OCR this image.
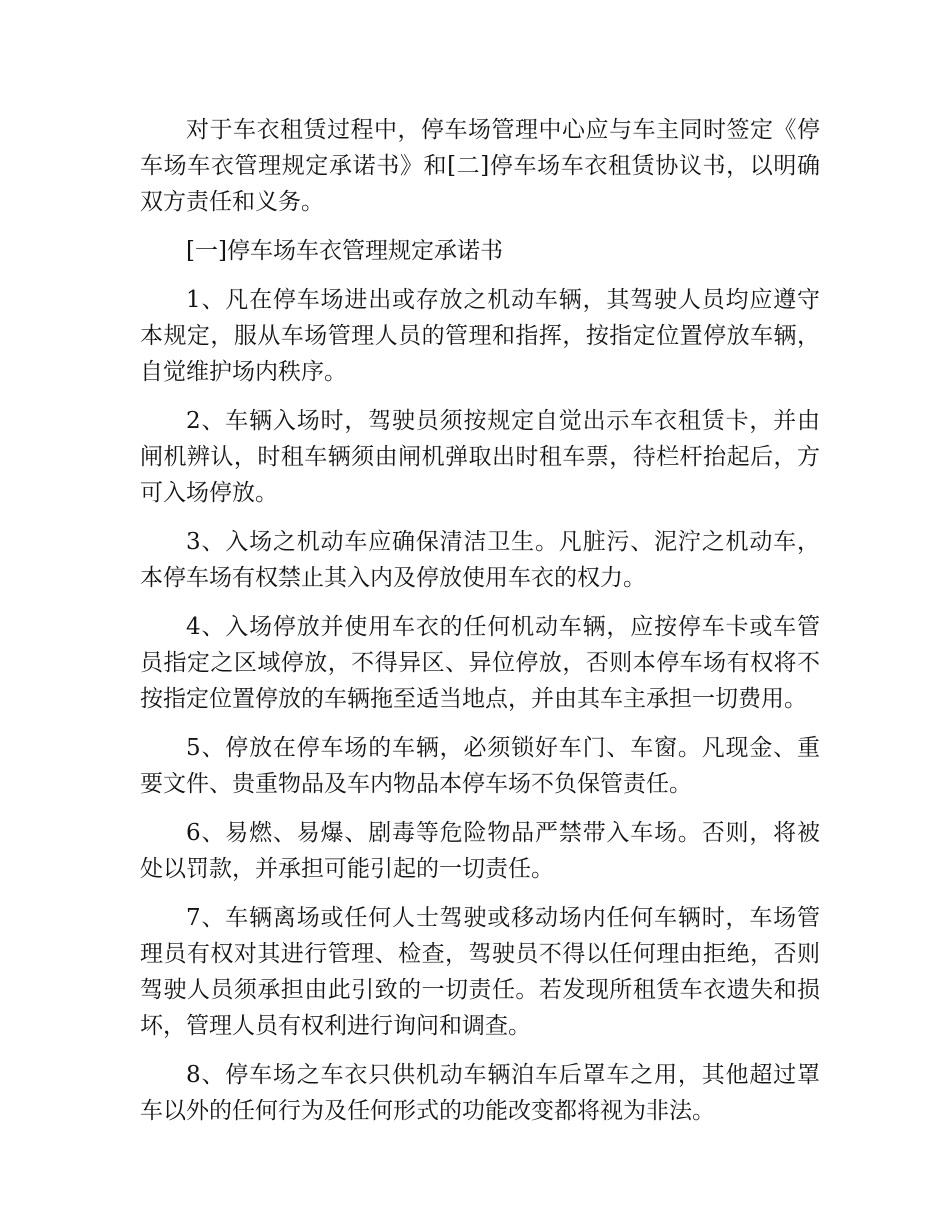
对于车衣租赁过程中，停车场管理中心应与车主同时签定《停车场车衣管理规定承诺书》和[二]停车场车衣租赁协议书，以明确双方责任和义务。

[一]停车场车衣管理规定承诺书

1、凡在停车场进出或存放之机动车辆，其驾驶人员均应遵守本规定，服从车场管理人员的管理和指挥，按指定位置停放车辆，自觉维护场内秩序。

2、车辆入场时，驾驶员须按规定自觉出示车衣租赁卡，并由闸机辨认，时租车辆须由闸机弹取出时租车票，待栏杆抬起后，方可入场停放。

3、入场之机动车应确保清洁卫生。凡脏污、泥泞之机动车，本停车场有权禁止其入内及停放使用车衣的权力。

4、入场停放并使用车衣的任何机动车辆，应按停车卡或车管员指定之区域停放，不得异区、异位停放，否则本停车场有权将不按指定位置停放的车辆拖至适当地点，并由其车主承担一切费用。

5、停放在停车场的车辆，必须锁好车门、车窗。凡现金、重要文件、贵重物品及车内物品本停车场不负保管责任。

6、易燃、易爆、剧毒等危险物品严禁带入车场。否则，将被处以罚款，并承担可能引起的一切责任。

7、车辆离场或任何人士驾驶或移动场内任何车辆时，车场管理员有权对其进行管理、检查，驾驶员不得以任何理由拒绝，否则驾驶人员须承担由此引致的一切责任。若发现所租赁车衣遗失和损坏，管理人员有权利进行询问和调查。

8、停车场之车衣只供机动车辆泊车后罩车之用，其他超过罩车以外的任何行为及任何形式的功能改变都将视为非法。
